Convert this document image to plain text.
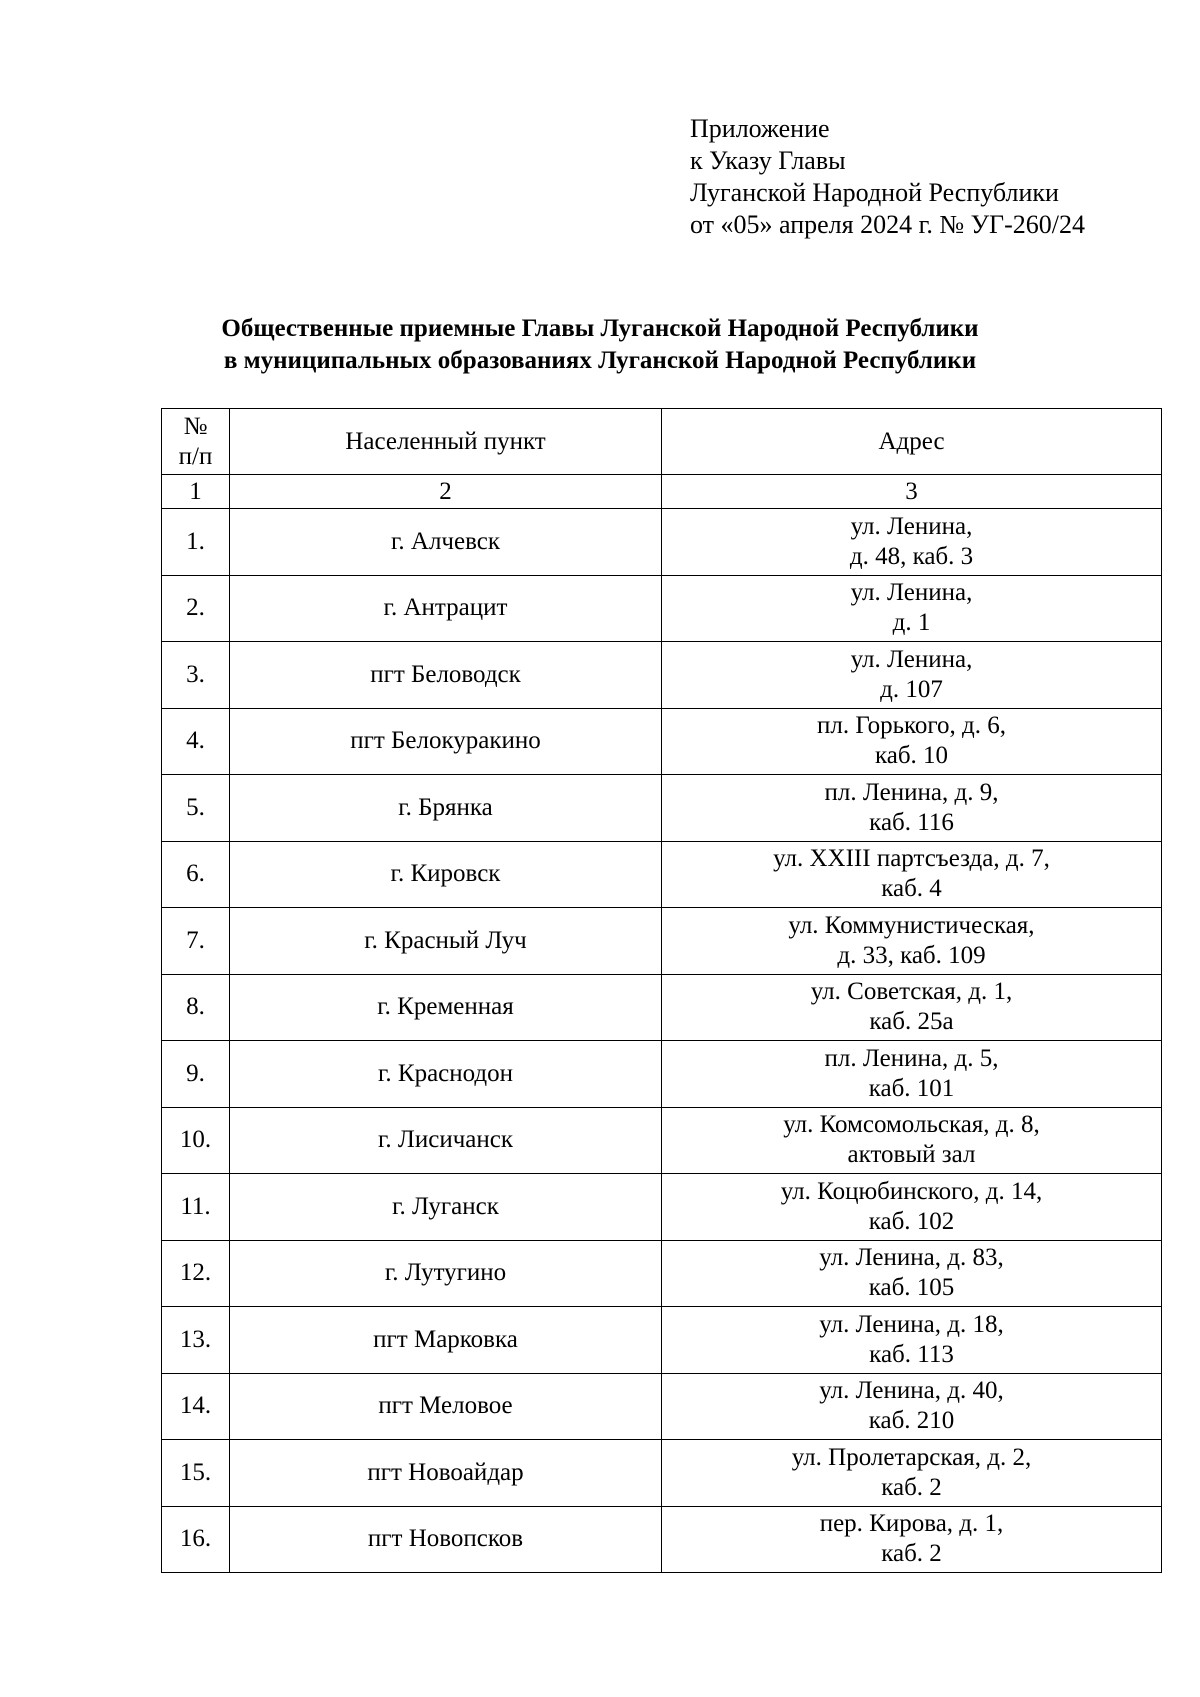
Приложение
к Указу Главы
Луганской Народной Республики
от «05» апреля 2024 г. № УГ-260/24
Общественные приемные Главы Луганской Народной Республики
в муниципальных образованиях Луганской Народной Республики
№
п/п	Населенный пункт	Адрес
1	2	3
1.	г. Алчевск	ул. Ленина,
д. 48, каб. 3

2.	г. Антрацит	ул. Ленина,
д. 1

3.	пгт Беловодск	ул. Ленина,
д. 107

4.	пгт Белокуракино	пл. Горького, д. 6,
каб. 10

5.	г. Брянка	пл. Ленина, д. 9,
каб. 116

6.	г. Кировск	ул. XXIII партсъезда, д. 7,
каб. 4

7.	г. Красный Луч	ул. Коммунистическая,
д. 33, каб. 109

8.	г. Кременная	ул. Советская, д. 1,
каб. 25а

9.	г. Краснодон	пл. Ленина, д. 5,
каб. 101

10.	г. Лисичанск	ул. Комсомольская, д. 8,
актовый зал

11.	г. Луганск	ул. Коцюбинского, д. 14,
каб. 102

12.	г. Лутугино	ул. Ленина, д. 83,
каб. 105

13.	пгт Марковка	ул. Ленина, д. 18,
каб. 113

14.	пгт Меловое	ул. Ленина, д. 40,
каб. 210

15.	пгт Новоайдар	ул. Пролетарская, д. 2,
каб. 2

16.	пгт Новопсков	пер. Кирова, д. 1,
каб. 2
